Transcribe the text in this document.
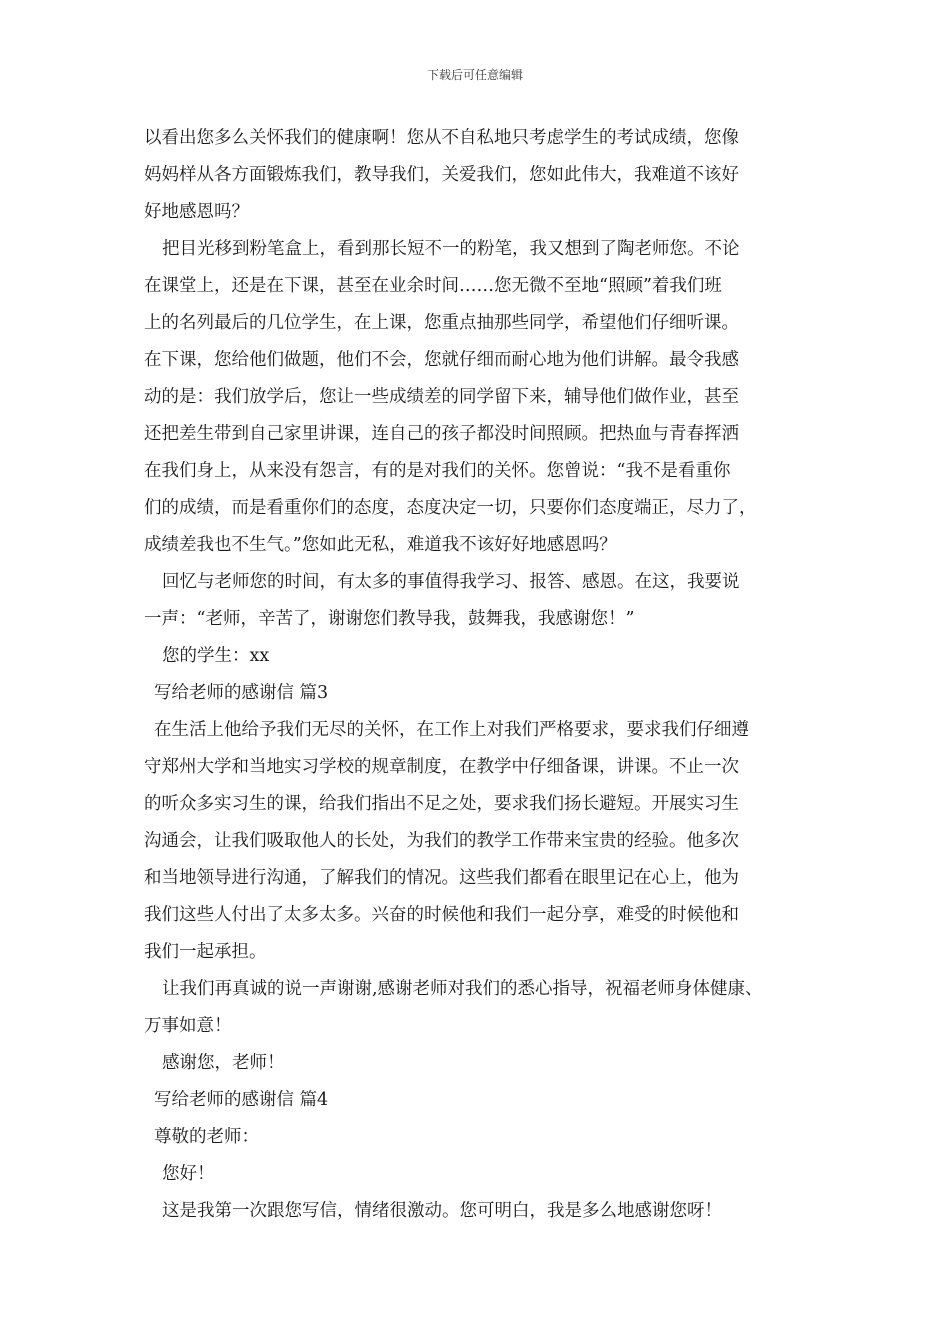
下载后可任意编辑
以看出您多么关怀我们的健康啊！您从不自私地只考虑学生的考试成绩，您像
妈妈样从各方面锻炼我们，教导我们，关爱我们，您如此伟大，我难道不该好
好地感恩吗？
把目光移到粉笔盒上，看到那长短不一的粉笔，我又想到了陶老师您。不论
在课堂上，还是在下课，甚至在业余时间……您无微不至地“照顾”着我们班
上的名列最后的几位学生，在上课，您重点抽那些同学，希望他们仔细听课。
在下课，您给他们做题，他们不会，您就仔细而耐心地为他们讲解。最令我感
动的是：我们放学后，您让一些成绩差的同学留下来，辅导他们做作业，甚至
还把差生带到自己家里讲课，连自己的孩子都没时间照顾。把热血与青春挥洒
在我们身上，从来没有怨言，有的是对我们的关怀。您曾说：“我不是看重你
们的成绩，而是看重你们的态度，态度决定一切，只要你们态度端正，尽力了，
成绩差我也不生气。”您如此无私，难道我不该好好地感恩吗？
回忆与老师您的时间，有太多的事值得我学习、报答、感恩。在这，我要说
一声：“老师，辛苦了，谢谢您们教导我，鼓舞我，我感谢您！”
您的学生：xx
写给老师的感谢信 篇3
在生活上他给予我们无尽的关怀，在工作上对我们严格要求，要求我们仔细遵
守郑州大学和当地实习学校的规章制度，在教学中仔细备课，讲课。不止一次
的听众多实习生的课，给我们指出不足之处，要求我们扬长避短。开展实习生
沟通会，让我们吸取他人的长处，为我们的教学工作带来宝贵的经验。他多次
和当地领导进行沟通，了解我们的情况。这些我们都看在眼里记在心上，他为
我们这些人付出了太多太多。兴奋的时候他和我们一起分享，难受的时候他和
我们一起承担。
让我们再真诚的说一声谢谢,感谢老师对我们的悉心指导，祝福老师身体健康、
万事如意！
感谢您，老师！
写给老师的感谢信 篇4
尊敬的老师：
您好！
这是我第一次跟您写信，情绪很激动。您可明白，我是多么地感谢您呀！
